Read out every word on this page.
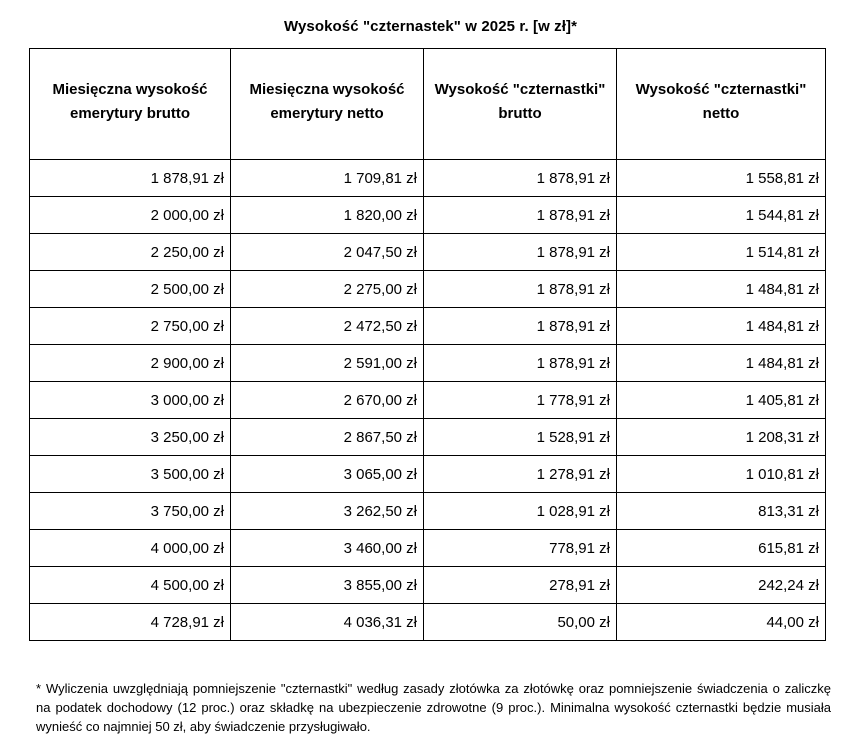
Wysokość "czternastek" w 2025 r. [w zł]*
Miesięczna wysokość emerytury brutto	Miesięczna wysokość emerytury netto	Wysokość "czternastki" brutto	Wysokość "czternastki" netto
1 878,91 zł	1 709,81 zł	1 878,91 zł	1 558,81 zł
2 000,00 zł	1 820,00 zł	1 878,91 zł	1 544,81 zł
2 250,00 zł	2 047,50 zł	1 878,91 zł	1 514,81 zł
2 500,00 zł	2 275,00 zł	1 878,91 zł	1 484,81 zł
2 750,00 zł	2 472,50 zł	1 878,91 zł	1 484,81 zł
2 900,00 zł	2 591,00 zł	1 878,91 zł	1 484,81 zł
3 000,00 zł	2 670,00 zł	1 778,91 zł	1 405,81 zł
3 250,00 zł	2 867,50 zł	1 528,91 zł	1 208,31 zł
3 500,00 zł	3 065,00 zł	1 278,91 zł	1 010,81 zł
3 750,00 zł	3 262,50 zł	1 028,91 zł	813,31 zł
4 000,00 zł	3 460,00 zł	778,91 zł	615,81 zł
4 500,00 zł	3 855,00 zł	278,91 zł	242,24 zł
4 728,91 zł	4 036,31 zł	50,00 zł	44,00 zł
* Wyliczenia uwzględniają pomniejszenie "czternastki" według zasady złotówka za złotówkę oraz pomniejszenie świadczenia o zaliczkę na podatek dochodowy (12 proc.) oraz składkę na ubezpieczenie zdrowotne (9 proc.). Minimalna wysokość czternastki będzie musiała wynieść co najmniej 50 zł, aby świadczenie przysługiwało.
